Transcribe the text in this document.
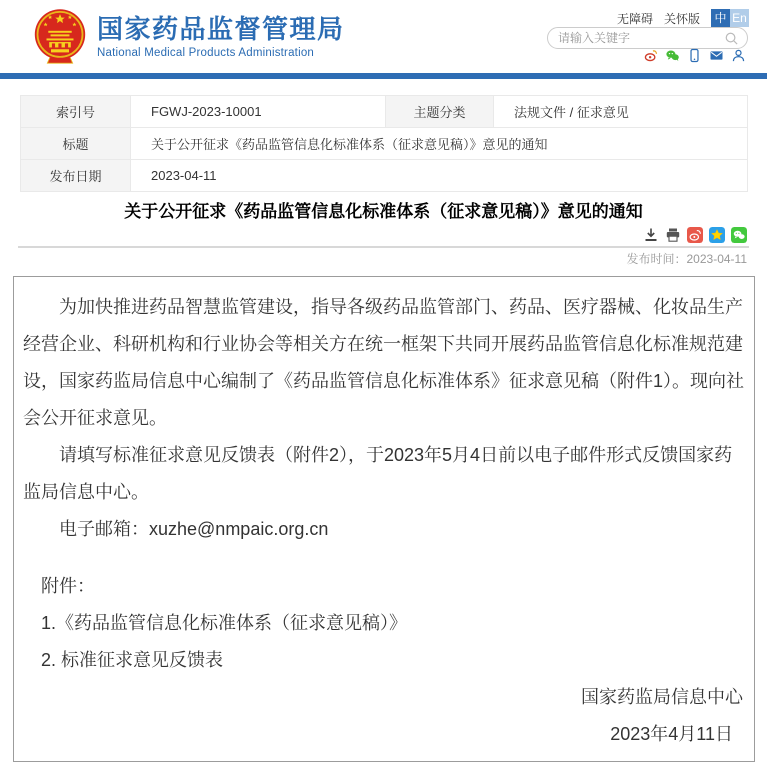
国家药品监督管理局
National Medical Products Administration
无障碍 关怀版 中 En
请输入关键字
索引号	FGWJ-2023-10001	主题分类	法规文件 / 征求意见
标题	关于公开征求《药品监管信息化标准体系（征求意见稿）》意见的通知		
发布日期	2023-04-11		
关于公开征求《药品监管信息化标准体系（征求意见稿）》意见的通知
发布时间：2023-04-11

为加快推进药品智慧监管建设，指导各级药品监管部门、药品、医疗器械、化妆品生产经营企业、科研机构和行业协会等相关方在统一框架下共同开展药品监管信息化标准规范建设，国家药监局信息中心编制了《药品监管信息化标准体系》征求意见稿（附件1）。现向社会公开征求意见。

请填写标准征求意见反馈表（附件2），于2023年5月4日前以电子邮件形式反馈国家药监局信息中心。

电子邮箱：xuzhe@nmpaic.org.cn

附件：

1.《药品监管信息化标准体系（征求意见稿）》

2. 标准征求意见反馈表

国家药监局信息中心

2023年4月11日
